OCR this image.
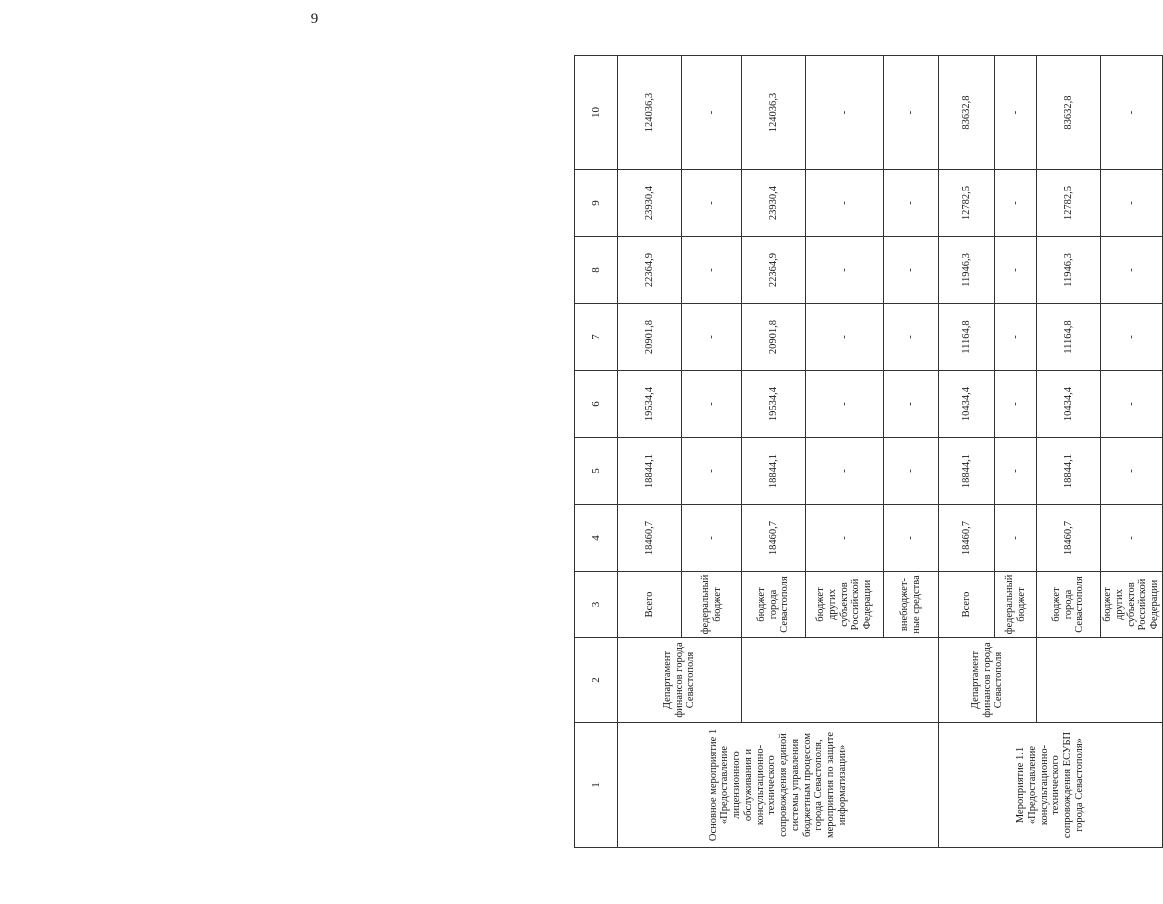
9
1	2	3	4	5	6	7	8	9	10
Основное мероприятие 1 «Предоставление лицензионного обслуживания и консультационно-технического сопровождения единой системы управления бюджетным процессом города Севастополя, мероприятия по защите информатизации»	Департамент финансов города Севастополя	Всего	18460,7	18844,1	19534,4	20901,8	22364,9	23930,4	124036,3
		федеральный бюджет	-	-	-	-	-	-	-
		бюджет города Севастополя	18460,7	18844,1	19534,4	20901,8	22364,9	23930,4	124036,3
		бюджет других субъектов Российской Федерации	-	-	-	-	-	-	-
		внебюджет-ные средства	-	-	-	-	-	-	-
Мероприятие 1.1 «Предоставление консультационно-технического сопровождения ЕСУБП города Севастополя»	Департамент финансов города Севастополя	Всего	18460,7	18844,1	10434,4	11164,8	11946,3	12782,5	83632,8
		федеральный бюджет	-	-	-	-	-	-	-
		бюджет города Севастополя	18460,7	18844,1	10434,4	11164,8	11946,3	12782,5	83632,8
		бюджет других субъектов Российской Федерации	-	-	-	-	-	-	-
